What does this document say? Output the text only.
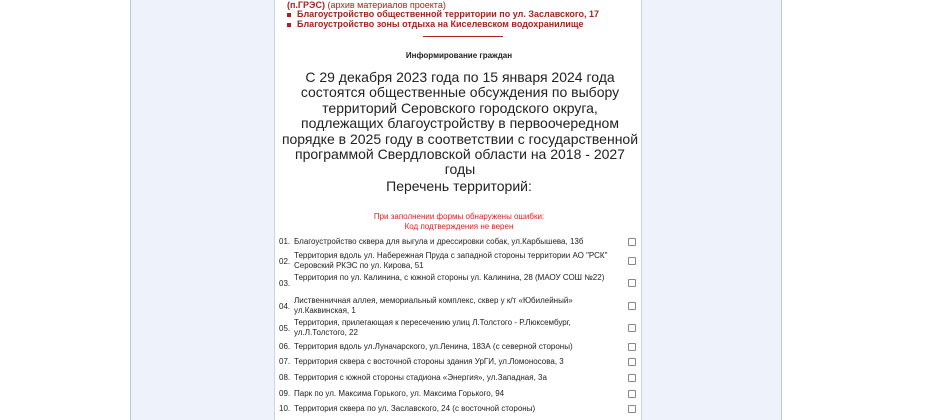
(п.ГРЭС) (архив материалов проекта)
Благоустройство общественной территории по ул. Заславского, 17
Благоустройство зоны отдыха на Киселевском водохранилище
Информирование граждан
С 29 декабря 2023 года по 15 января 2024 года состоятся общественные обсуждения по выбору территорий Серовского городского округа, подлежащих благоустройству в первоочередном порядке в 2025 году в соответствии с государственной программой Свердловской области на 2018 - 2027 годы
Перечень территорий:
При заполнении формы обнаружены ошибки:
Код подтверждения не верен
01. Благоустройство сквера для выгула и дрессировки собак, ул.Карбышева, 13б
02.
Территория вдоль ул. Набережная Пруда с западной стороны территории АО "РСК" Серовский РКЭС по ул. Кирова, 51
03.
Территория по ул. Калинина, с южной стороны ул. Калинина, 28 (МАОУ СОШ №22)
04.
Лиственничная аллея, мемориальный комплекс, сквер у к/т «Юбилейный» ул.Каквинская, 1
05.
Территория, прилегающая к пересечению улиц Л.Толстого - Р.Люксембург, ул.Л.Толстого, 22
06. Территория вдоль ул.Луначарского, ул.Ленина, 183А (с северной стороны)
07. Территория сквера с восточной стороны здания УрГИ, ул.Ломоносова, 3
08. Территория с южной стороны стадиона «Энергия», ул.Западная, 3а
09. Парк по ул. Максима Горького, ул. Максима Горького, 94
10. Территория сквера по ул. Заславского, 24 (с восточной стороны)
